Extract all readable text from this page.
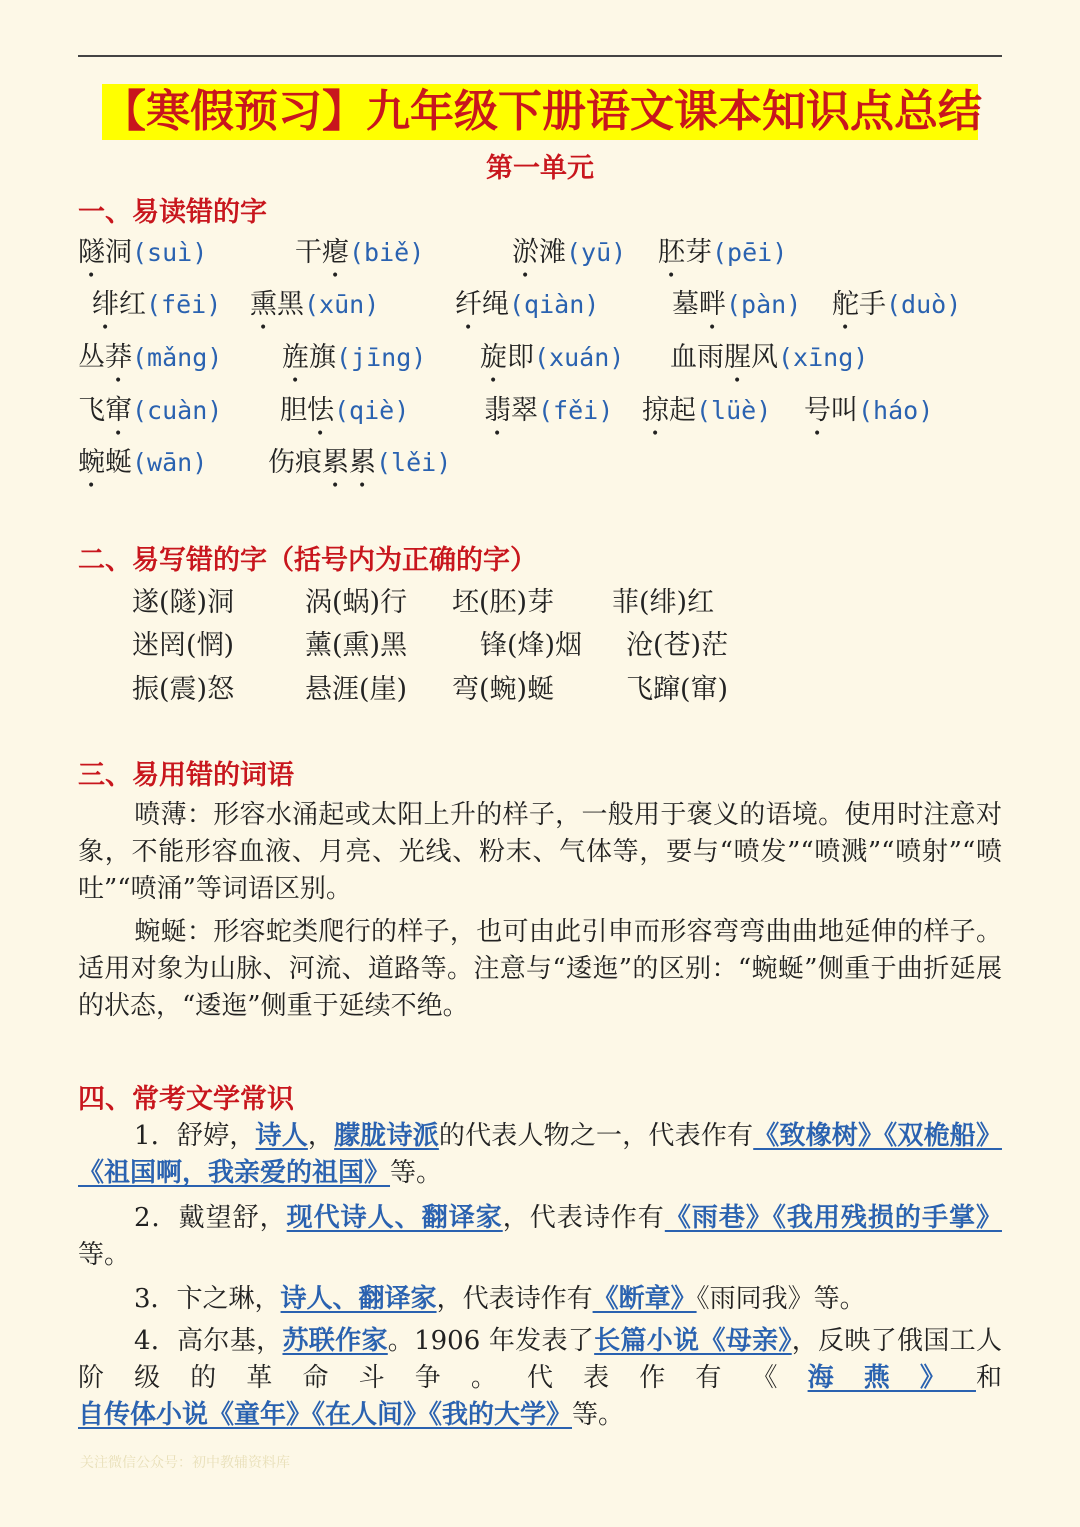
【寒假预习】九年级下册语文课本知识点总结
第一单元
一、易读错的字
隧洞(suì)	干瘪(biě)	淤滩(yū) 胚芽(pēi)
绯红(fēi) 熏黑(xūn)	纤绳(qiàn)	墓畔(pàn) 舵手(duò)
丛莽(mǎng) 旌旗(jīng) 旋即(xuán) 血雨腥风(xīng)
飞窜(cuàn) 胆怯(qiè)	翡翠(fěi) 掠起(lüè) 号叫(háo)
蜿蜒(wān) 伤痕累累(lěi)
二、易写错的字（括号内为正确的字）
遂(隧)洞	涡(蜗)行 坯(胚)芽 菲(绯)红
迷罔(惘)	薰(熏)黑	锋(烽)烟 沧(苍)茫
振(震)怒	悬涯(崖) 弯(蜿)蜒	飞蹿(窜)
三、易用错的词语
喷薄：形容水涌起或太阳上升的样子，一般用于褒义的语境。使用时注意对象，不能形容血液、月亮、光线、粉末、气体等，要与“喷发”“喷溅”“喷射”“喷吐”“喷涌”等词语区别。
蜿蜒：形容蛇类爬行的样子，也可由此引申而形容弯弯曲曲地延伸的样子。适用对象为山脉、河流、道路等。注意与“逶迤”的区别：“蜿蜒”侧重于曲折延展的状态，“逶迤”侧重于延续不绝。
四、常考文学常识
1．舒婷，诗人，朦胧诗派的代表人物之一，代表作有《致橡树》《双桅船》《祖国啊，我亲爱的祖国》等。
2．戴望舒，现代诗人、翻译家，代表诗作有《雨巷》《我用残损的手掌》等。
3．卞之琳，诗人、翻译家，代表诗作有《断章》《雨同我》等。
4．高尔基，苏联作家。1906 年发表了长篇小说《母亲》，反映了俄国工人阶级的革命斗争。代表作有《海燕》和自传体小说《童年》《在人间》《我的大学》等。
关注微信公众号：初中教辅资料库
